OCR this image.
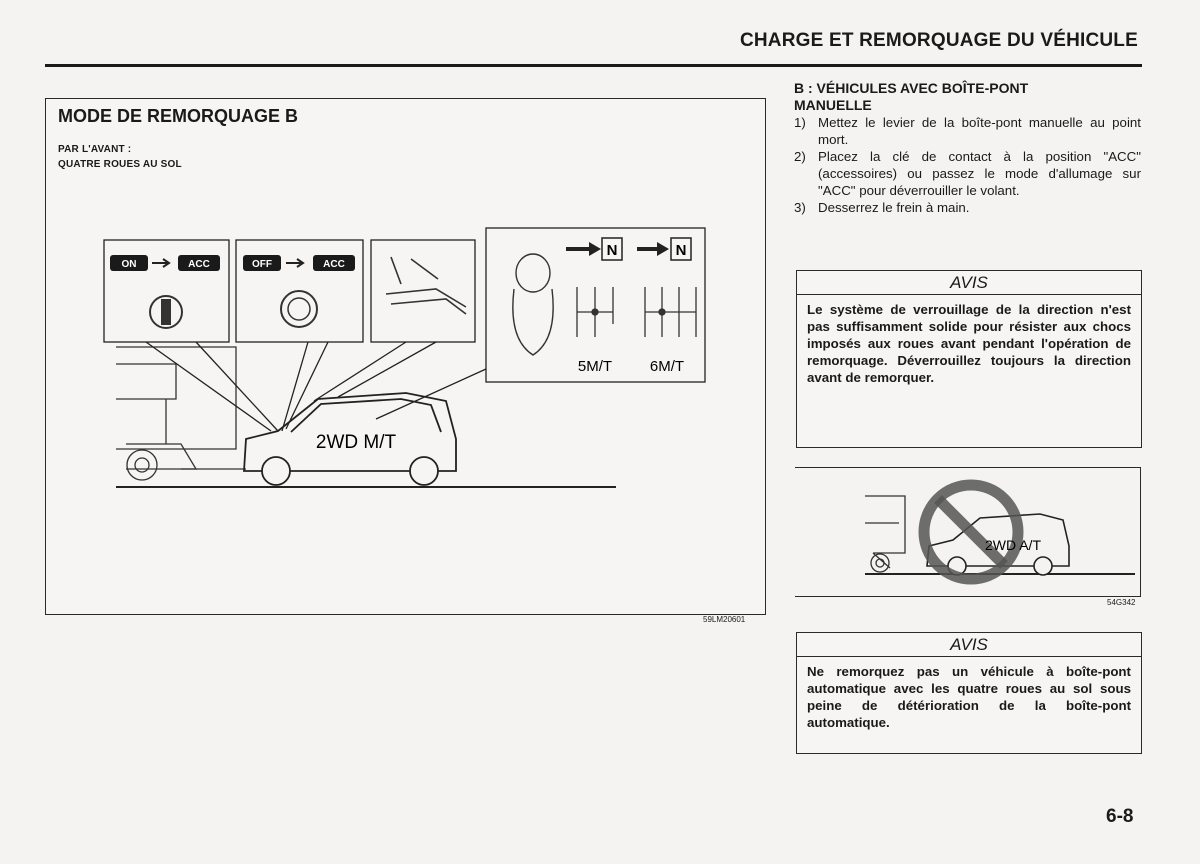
CHARGE ET REMORQUAGE DU VÉHICULE
MODE DE REMORQUAGE B
PAR L'AVANT :
QUATRE ROUES AU SOL
ON	ACC	OFF	ACC
N	N
5M/T	6M/T
2WD M/T
59LM20601
B : VÉHICULES AVEC BOÎTE-PONT
MANUELLE
1) Mettez le levier de la boîte-pont manuelle au point mort.
2) Placez la clé de contact à la position "ACC" (accessoires) ou passez le mode d'allumage sur "ACC" pour déverrouiller le volant.
3) Desserrez le frein à main.
AVIS
Le système de verrouillage de la direction n'est pas suffisamment solide pour résister aux chocs imposés aux roues avant pendant l'opération de remorquage. Déverrouillez toujours la direction avant de remorquer.
2WD A/T
54G342
AVIS
Ne remorquez pas un véhicule à boîte-pont automatique avec les quatre roues au sol sous peine de détérioration de la boîte-pont automatique.
6-8
